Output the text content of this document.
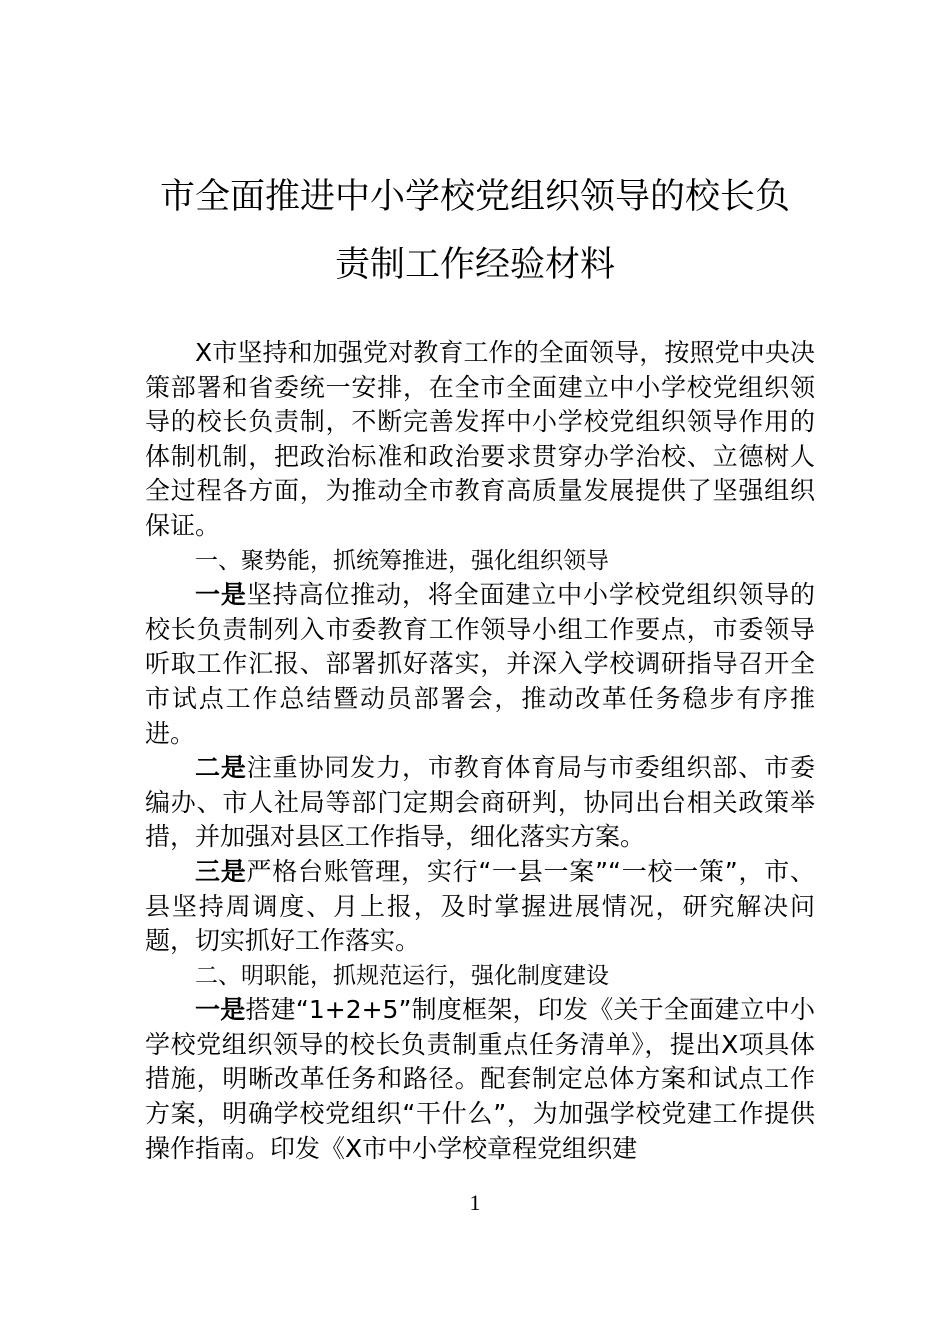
市全面推进中小学校党组织领导的校长负
责制工作经验材料

X市坚持和加强党对教育工作的全面领导，按照党中央决策部署和省委统一安排，在全市全面建立中小学校党组织领导的校长负责制，不断完善发挥中小学校党组织领导作用的体制机制，把政治标准和政治要求贯穿办学治校、立德树人全过程各方面，为推动全市教育高质量发展提供了坚强组织保证。

一、聚势能，抓统筹推进，强化组织领导

一是坚持高位推动，将全面建立中小学校党组织领导的校长负责制列入市委教育工作领导小组工作要点，市委领导听取工作汇报、部署抓好落实，并深入学校调研指导召开全市试点工作总结暨动员部署会，推动改革任务稳步有序推进。

二是注重协同发力，市教育体育局与市委组织部、市委编办、市人社局等部门定期会商研判，协同出台相关政策举措，并加强对县区工作指导，细化落实方案。

三是严格台账管理，实行“一县一案”“一校一策”，市、县坚持周调度、月上报，及时掌握进展情况，研究解决问题，切实抓好工作落实。

二、明职能，抓规范运行，强化制度建设

一是搭建“1+2+5”制度框架，印发《关于全面建立中小学校党组织领导的校长负责制重点任务清单》，提出X项具体措施，明晰改革任务和路径。配套制定总体方案和试点工作方案，明确学校党组织“干什么”，为加强学校党建工作提供操作指南。印发《X市中小学校章程党组织建

1
